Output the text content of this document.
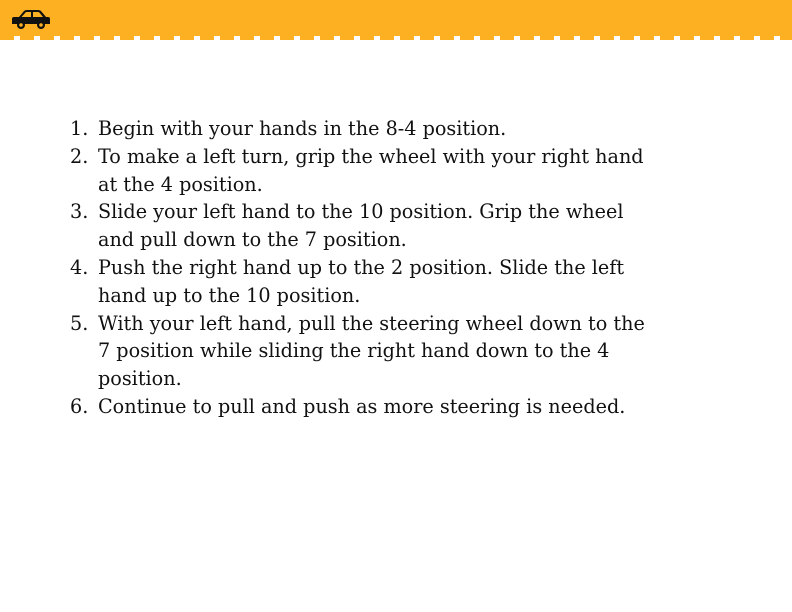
1. Begin with your hands in the 8-4 position.
2. To make a left turn, grip the wheel with your right hand at the 4 position.
3. Slide your left hand to the 10 position. Grip the wheel and pull down to the 7 position.
4. Push the right hand up to the 2 position. Slide the left hand up to the 10 position.
5. With your left hand, pull the steering wheel down to the 7 position while sliding the right hand down to the 4 position.
6. Continue to pull and push as more steering is needed.
